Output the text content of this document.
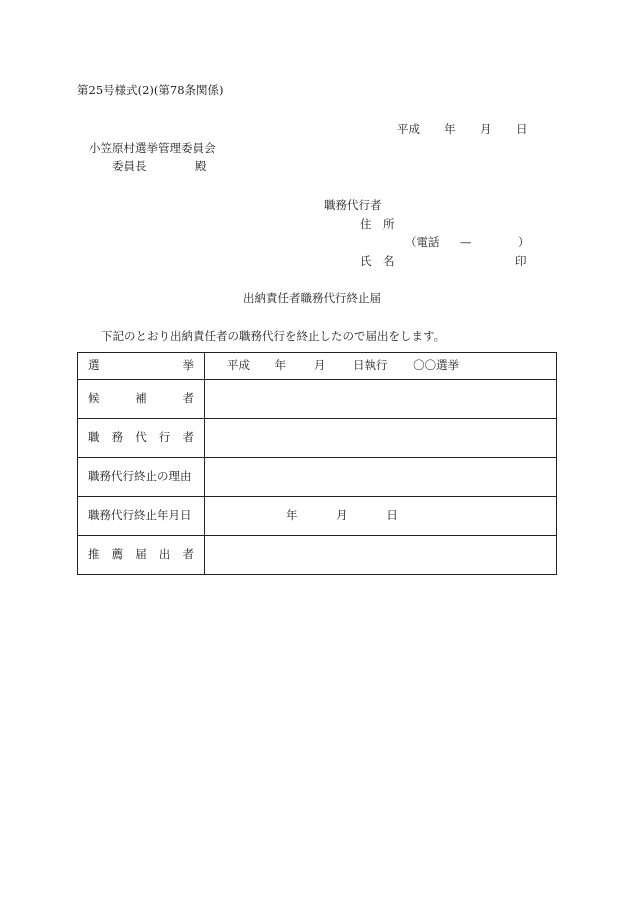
第25号様式(2)(第78条関係)
平成 年 月 日
小笠原村選挙管理委員会
委員長	殿
職務代行者
住　所
（電話 —	）
氏　名	印
出納責任者職務代行終止届
下記のとおり出納責任者の職務代行を終止したので届出をします。
選　　挙	平成 年 月 日執行 〇〇選挙
候補者	
職務代行者	
職務代行終止の理由	
職務代行終止年月日	年 月 日
推薦届出者	
